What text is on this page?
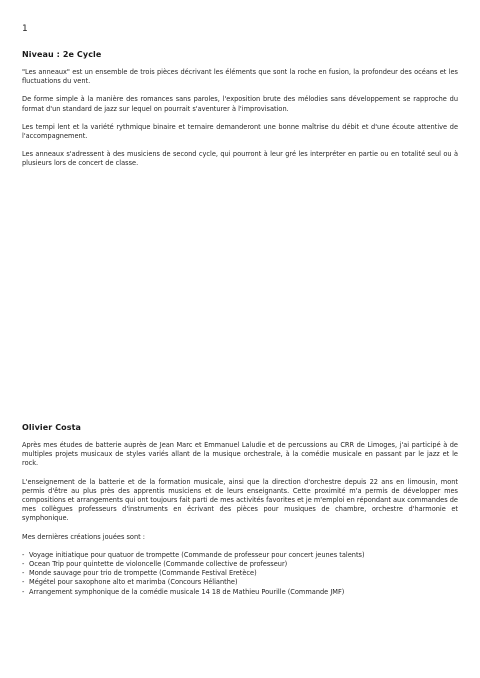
1
Niveau : 2e Cycle

"Les anneaux" est un ensemble de trois pièces décrivant les éléments que sont la roche en fusion, la profondeur des océans et les fluctuations du vent.

De forme simple à la manière des romances sans paroles, l'exposition brute des mélodies sans développement se rapproche du format d'un standard de jazz sur lequel on pourrait s'aventurer à l'improvisation.

Les tempi lent et la variété rythmique binaire et ternaire demanderont une bonne maîtrise du débit et d'une écoute attentive de l'accompagnement.

Les anneaux s'adressent à des musiciens de second cycle, qui pourront à leur gré les interpréter en partie ou en totalité seul ou à plusieurs lors de concert de classe.

Olivier Costa

Après mes études de batterie auprès de Jean Marc et Emmanuel Laludie et de percussions au CRR de Limoges, j'ai participé à de multiples projets musicaux de styles variés allant de la musique orchestrale, à la comédie musicale en passant par le jazz et le rock.

L'enseignement de la batterie et de la formation musicale, ainsi que la direction d'orchestre depuis 22 ans en limousin, mont permis d'être au plus près des apprentis musiciens et de leurs enseignants. Cette proximité m'a permis de développer mes compositions et arrangements qui ont toujours fait parti de mes activités favorites et je m'emploi en répondant aux commandes de mes collègues professeurs d'instruments en écrivant des pièces pour musiques de chambre, orchestre d'harmonie et symphonique.

Mes dernières créations jouées sont :

- Voyage initiatique pour quatuor de trompette (Commande de professeur pour concert jeunes talents)
- Ocean Trip pour quintette de violoncelle (Commande collective de professeur)
- Monde sauvage pour trio de trompette (Commande Festival Eretèce)
- Mégétel pour saxophone alto et marimba (Concours Hélianthe)
- Arrangement symphonique de la comédie musicale 14 18 de Mathieu Pourille (Commande JMF)
